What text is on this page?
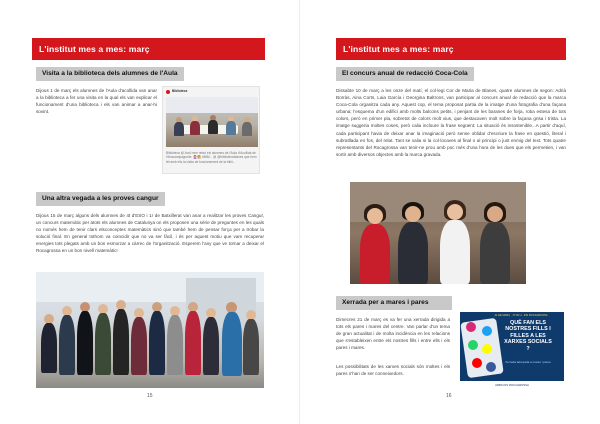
L'institut mes a mes: març
Visita a la biblioteca dels alumnes de l'Aula
Dijous 1 de març els alumnes de l'Aula d'acollida van anar a la biblioteca a fer una visita en la qual els van explicar el funcionament d'una biblioteca i els van animar a anar-hi sovint.
Biblioteca
Biblioteca @ Avui hem rebut els alumnes de l'Aula d'Acollida de l'#Inscampagnolle. 👩🏻‍🦰👩🏼 #BiBl... @ @bibliotecablanes que hem fet amb ells la visita de funcionament de la bibli...
Una altra vegada a les proves cangur
Dijous 15 de març alguns dels alumnes de 4t d'ESO i 1r de Batxillerat van anar a realitzar les proves Cangur, un concurs matemàtic per atots els alumnes de Catalunya on els proposen una sèrie de preguntes en les quals no només hem de tenir clars elsconceptes matemàtics sinó que també hem de pensar força per a trobar la solució final. En general tothom va coincidir que no va ser fàcil, i és per aquest motiu que vam recuperar energies tots plegats amb un bon esmorzar a càrrec de l'organització. Esperem l'any que ve tornar a deixar el Rocagrossa en un bon nivell matemàtic!
15
L'institut mes a mes: març
El concurs anual de redacció Coca-Cola
Dissabte 10 de març a les onze del matí, el col·legi Cor de Maria de Blanes, quatre alumnes de segon: Adrià Borràs, Aina Corts, Laia García i Georgina Baltrons, van participar al concurs anual de redacció que la marca Coca-Cola organitza cada any. Aquest cop, el tema proposat partia de la imatge d'una fotografia d'una façana urbana; l'esquema d'un edifici amb molts balcons petits, i penjant de les baranes de forja, roba estesa de tots colors, però en primer pla, sobretot de colors molt vius, que destacaven molt sobre la façana grisa i trista. La imatge suggeria moltes coses, però calia incloure la frase següent: La situació és insostenible...A partir d'aquí, cada participant havia de deixar anar la imaginació però sense oblidar d'escriure la frase en qüestió, literal i subratllada en fos, del relat. Tant se valia si la col·locaves al final o al principi o just enmig del text. Tots quatre representants del Rocagrossa van tenir-ne prou amb poc més d'una hora de les dues que els permetien, i van sortir amb diversos objectes amb la marca gravada.
Xerrada per a mares i pares
Dimecres 21 de març es va fer una xerrada dirigida a tots els pares i mares del centre. Van parlar d'un tema de gran actualitat i de molta incidència en les relacions que s'estableixen entre els nostres fills i entre ells i els pares i mares.
Les possibilitats de les xarxes socials són moltes i els pares n'han de ser conneixedors.
21 DE MARÇ · 17:30 H · INS ROCAGROSSA
QUÈ FAN ELS NOSTRES FILLS I FILLES A LES XARXES SOCIALS ?
Xerrada adreçada a mares i pares
AMPA INS ROCAGROSSA
16
